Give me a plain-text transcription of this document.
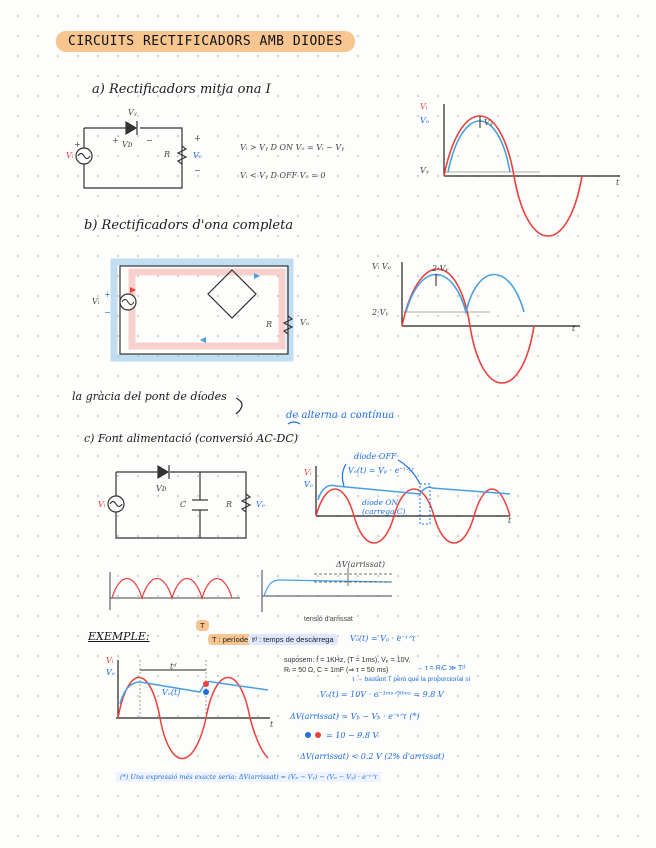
CIRCUITS RECTIFICADORS AMB DIODES
a) Rectificadors mitja ona I
Vᵧ
Vᴅ
+	−
R
Vᵢ
+
Vₒ
+
−
Vᵢ > Vᵧ D ON Vₒ = Vᵢ − Vᵧ
Vᵢ < Vᵧ D OFF Vₒ = 0
Vᵢ
Vₒ	Vᵧ
Vᵧ
t
b) Rectificadors d'ona completa
Vᵢ
+
−
R	Vₒ
Vᵢ Vₒ	2·Vᵧ
2·Vᵧ
t
la gràcia del pont de díodes
de alterna a contínua
c) Font alimentació (conversió AC-DC)
Vᴅ
C	R
Vᵢ	Vₒ
díode OFF
Vₒ(t) = Vₚ · e⁻ᵗᐟᵣᶜ
díode ON
(carrega C)
Vᵢ
Vₒ
t
ΔV(arrissat)
tensió d'arrissat
EXEMPLE:
T
T : període tᵈ : temps de descàrrega	Vₒ(t) = Vₚ · e⁻ᵗᐟτ
Vᵢ
Vₒ
tᵈ
Vₒ(t)
t
suposem: f = 1KHz, (T = 1ms), Vₚ = 10V,
Rₗ = 50 Ω, C = 1mF (⇒ τ = 50 ms)	→ τ = RₗC ≫ Tᵈ
τ → bastant T però que la proporcional sí
Vₒ(t) = 10V · e⁻¹ᵐˢᐟ⁵⁰ᵐˢ = 9.8 V
ΔV(arrissat) ≈ Vₚ − Vₚ · e⁻ᵗᐟτ (*)
= 10 − 9.8 V
ΔV(arrissat) < 0.2 V (2% d'arrissat)
(*) Una expressió més exacte seria: ΔV(arrissat) = (Vₚ − Vᵧ) − (Vₚ − Vᵧ) · e⁻ᵗᐟτ
